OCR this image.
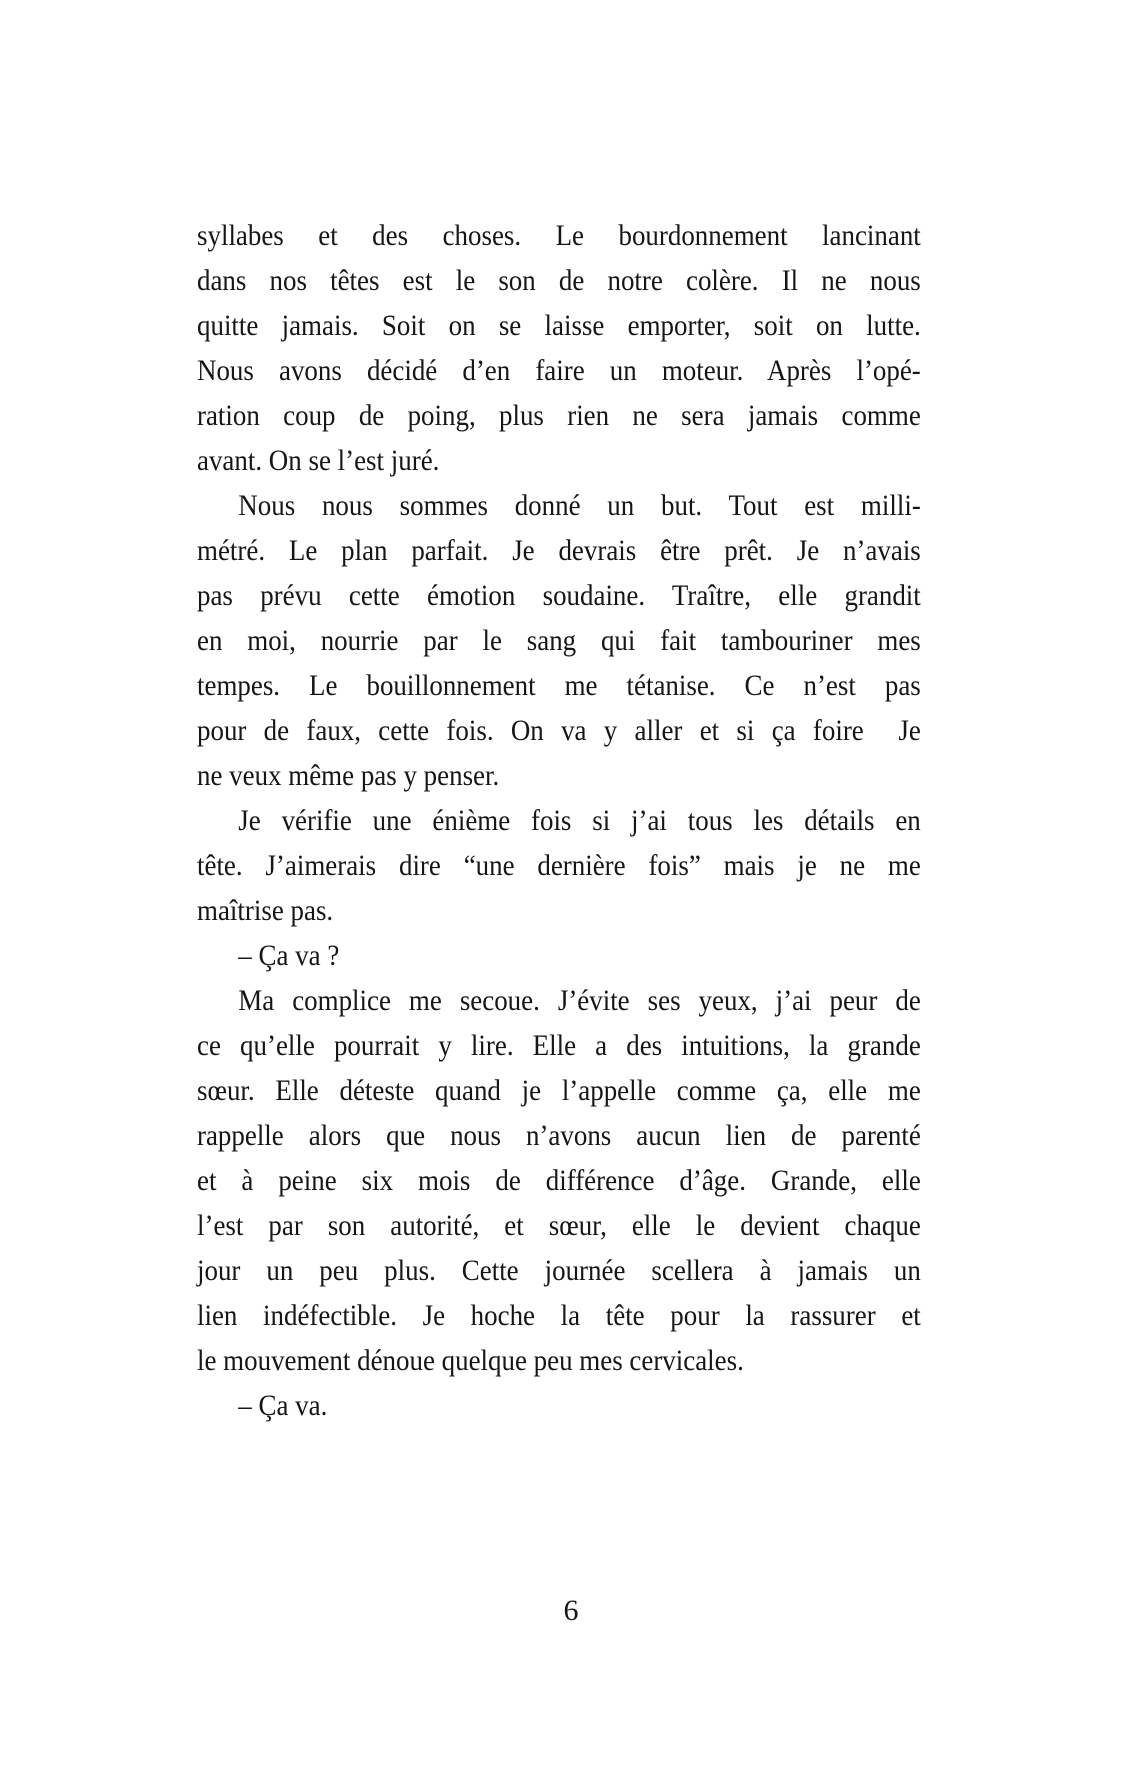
syllabes et des choses. Le bourdonnement lancinant
dans nos têtes est le son de notre colère. Il ne nous
quitte jamais. Soit on se laisse emporter, soit on lutte.
Nous avons décidé d’en faire un moteur. Après l’opé-
ration coup de poing, plus rien ne sera jamais comme
avant. On se l’est juré.
Nous nous sommes donné un but. Tout est milli-
métré. Le plan parfait. Je devrais être prêt. Je n’avais
pas prévu cette émotion soudaine. Traître, elle grandit
en moi, nourrie par le sang qui fait tambouriner mes
tempes. Le bouillonnement me tétanise. Ce n’est pas
pour de faux, cette fois. On va y aller et si ça foire  Je
ne veux même pas y penser.
Je vérifie une énième fois si j’ai tous les détails en
tête. J’aimerais dire “une dernière fois” mais je ne me
maîtrise pas.
– Ça va ?
Ma complice me secoue. J’évite ses yeux, j’ai peur de
ce qu’elle pourrait y lire. Elle a des intuitions, la grande
sœur. Elle déteste quand je l’appelle comme ça, elle me
rappelle alors que nous n’avons aucun lien de parenté
et à peine six mois de différence d’âge. Grande, elle
l’est par son autorité, et sœur, elle le devient chaque
jour un peu plus. Cette journée scellera à jamais un
lien indéfectible. Je hoche la tête pour la rassurer et
le mouvement dénoue quelque peu mes cervicales.
– Ça va.
6
